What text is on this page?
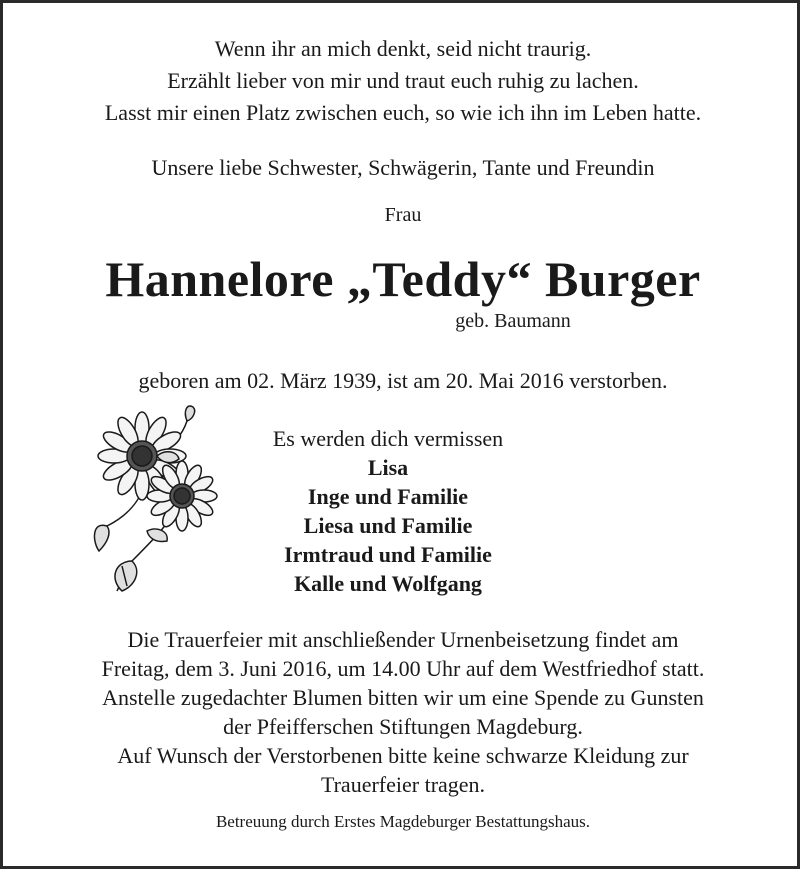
Wenn ihr an mich denkt, seid nicht traurig.
Erzählt lieber von mir und traut euch ruhig zu lachen.
Lasst mir einen Platz zwischen euch, so wie ich ihn im Leben hatte.
Unsere liebe Schwester, Schwägerin, Tante und Freundin
Frau
Hannelore „Teddy“ Burger
geb. Baumann
geboren am 02. März 1939, ist am 20. Mai 2016 verstorben.
Es werden dich vermissen
Lisa
Inge und Familie
Liesa und Familie
Irmtraud und Familie
Kalle und Wolfgang
Die Trauerfeier mit anschließender Urnenbeisetzung findet am
Freitag, dem 3. Juni 2016, um 14.00 Uhr auf dem Westfriedhof statt.
Anstelle zugedachter Blumen bitten wir um eine Spende zu Gunsten
der Pfeifferschen Stiftungen Magdeburg.
Auf Wunsch der Verstorbenen bitte keine schwarze Kleidung zur
Trauerfeier tragen.
Betreuung durch Erstes Magdeburger Bestattungshaus.
